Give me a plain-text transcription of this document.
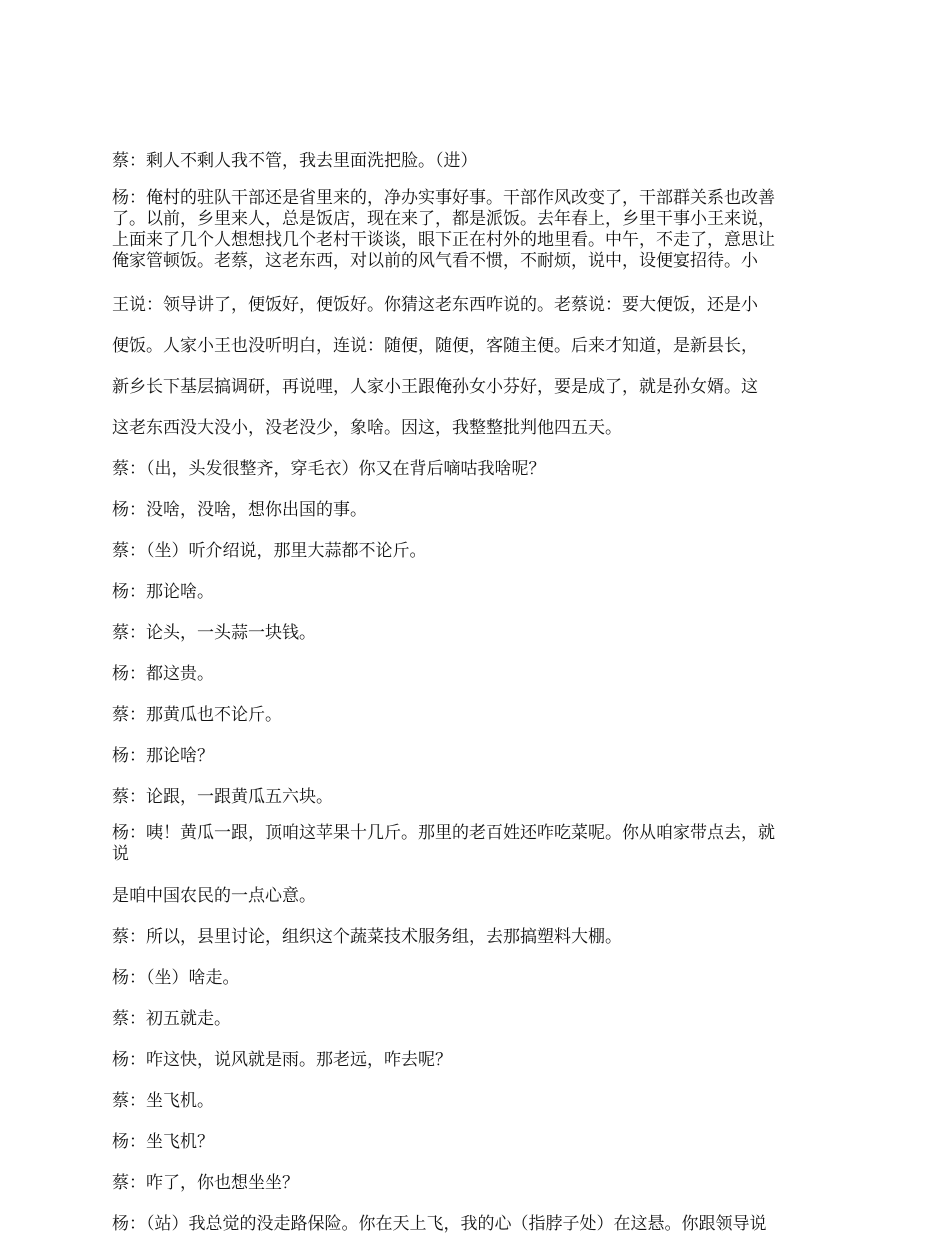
蔡：剩人不剩人我不管，我去里面洗把脸。（进）

杨：俺村的驻队干部还是省里来的，净办实事好事。干部作风改变了，干部群关系也改善

了。以前，乡里来人，总是饭店，现在来了，都是派饭。去年春上，乡里干事小王来说，

上面来了几个人想想找几个老村干谈谈，眼下正在村外的地里看。中午，不走了，意思让

俺家管顿饭。老蔡，这老东西，对以前的风气看不惯，不耐烦，说中，设便宴招待。小

王说：领导讲了，便饭好，便饭好。你猜这老东西咋说的。老蔡说：要大便饭，还是小

便饭。人家小王也没听明白，连说：随便，随便，客随主便。后来才知道，是新县长，

新乡长下基层搞调研，再说哩，人家小王跟俺孙女小芬好，要是成了，就是孙女婿。这

这老东西没大没小，没老没少，象啥。因这，我整整批判他四五天。

蔡：（出，头发很整齐，穿毛衣）你又在背后嘀咕我啥呢？

杨：没啥，没啥，想你出国的事。

蔡：（坐）听介绍说，那里大蒜都不论斤。

杨：那论啥。

蔡：论头，一头蒜一块钱。

杨：都这贵。

蔡：那黄瓜也不论斤。

杨：那论啥？

蔡：论跟，一跟黄瓜五六块。

杨：咦！黄瓜一跟，顶咱这苹果十几斤。那里的老百姓还咋吃菜呢。你从咱家带点去，就

说

是咱中国农民的一点心意。

蔡：所以，县里讨论，组织这个蔬菜技术服务组，去那搞塑料大棚。

杨：（坐）啥走。

蔡：初五就走。

杨：咋这快，说风就是雨。那老远，咋去呢？

蔡：坐飞机。

杨：坐飞机？

蔡：咋了，你也想坐坐？

杨：（站）我总觉的没走路保险。你在天上飞，我的心（指脖子处）在这悬。你跟领导说
